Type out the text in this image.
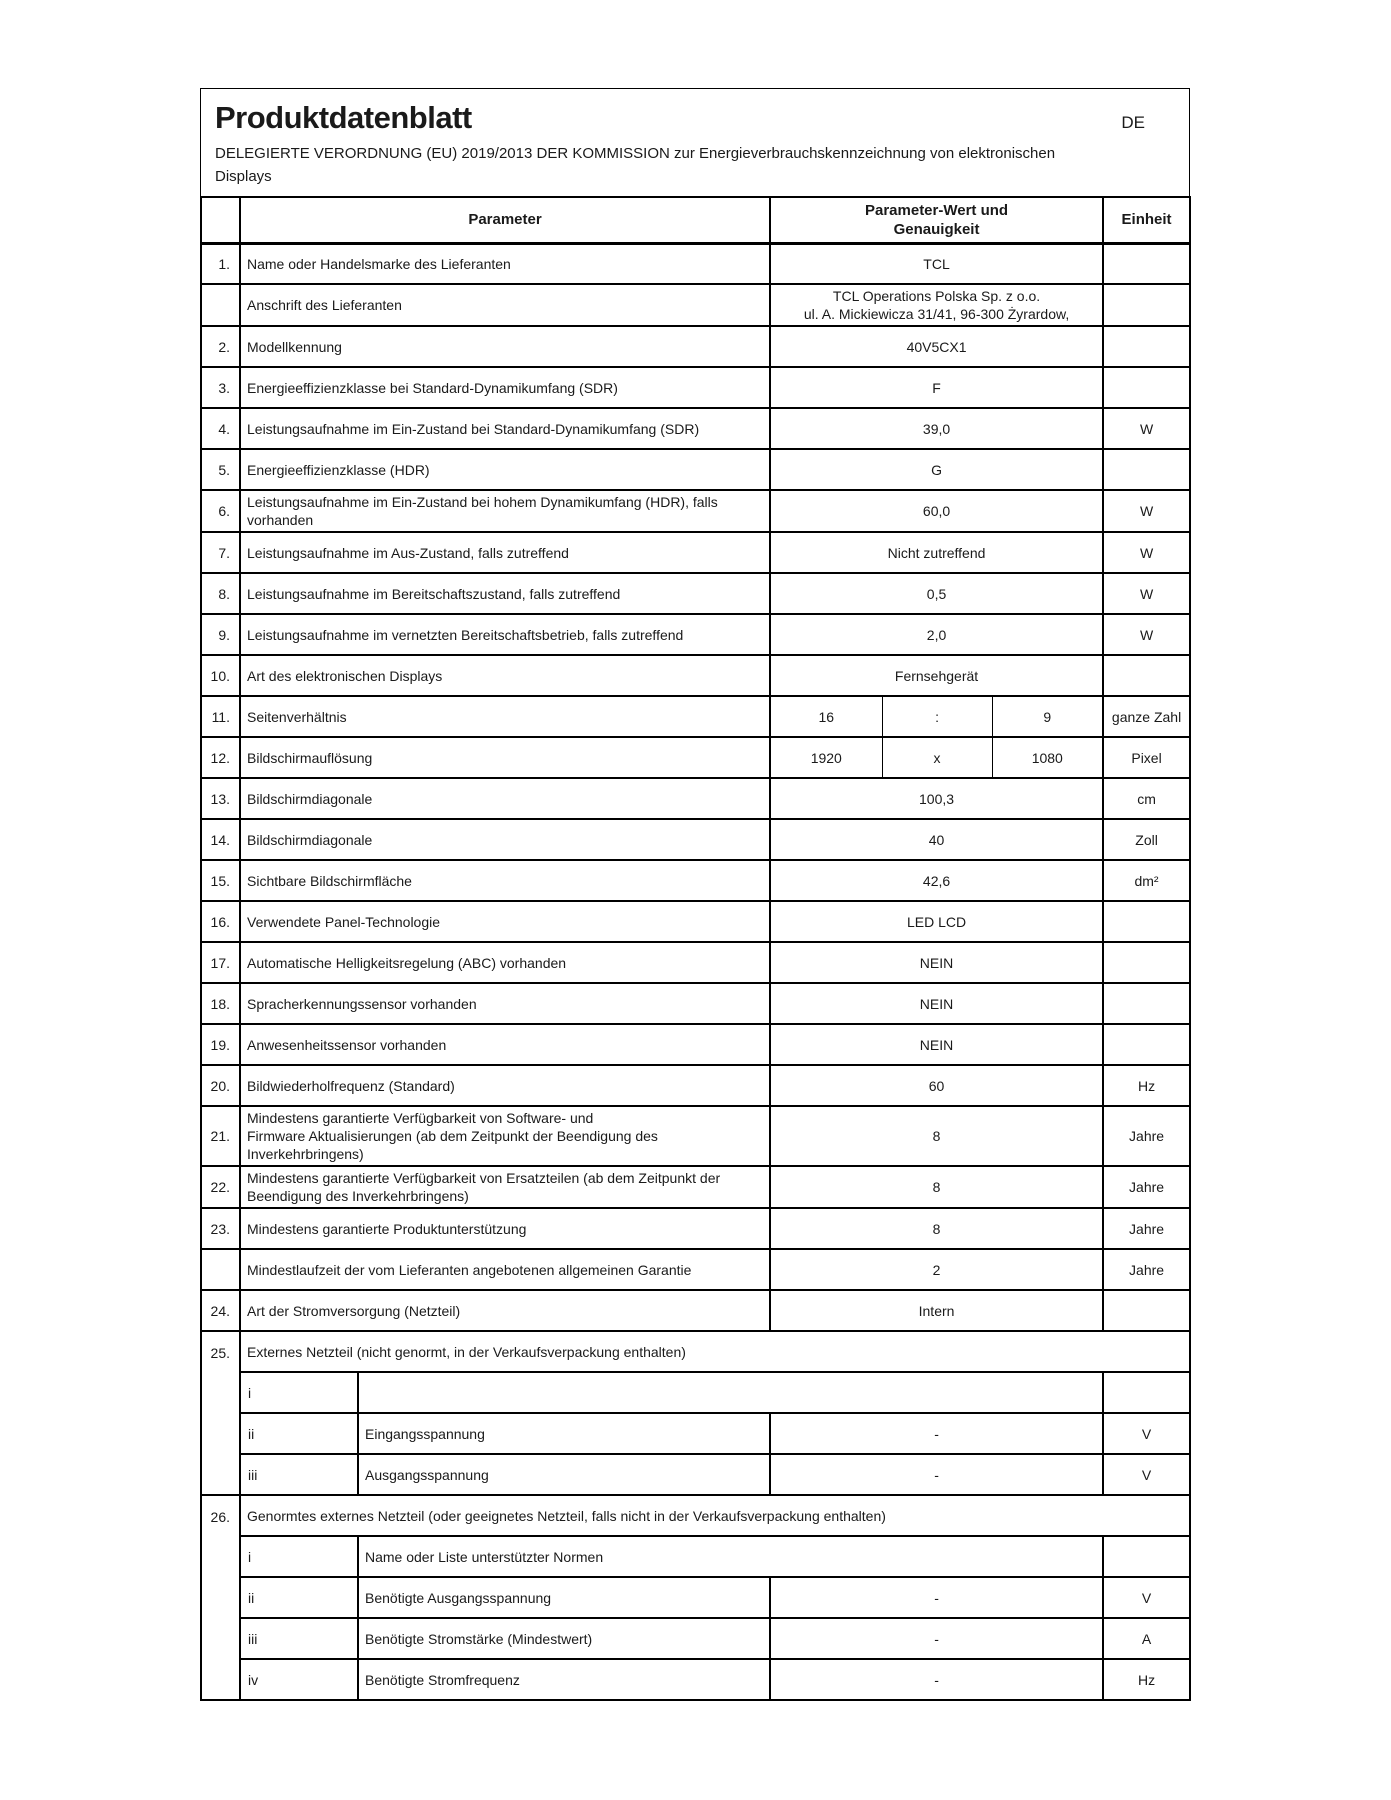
Produktdatenblatt	DE
DELEGIERTE VERORDNUNG (EU) 2019/2013 DER KOMMISSION zur Energieverbrauchskennzeichnung von elektronischen
Displays
	Parameter		Parameter-Wert und
Genauigkeit			Einheit
1.	Name oder Handelsmarke des Lieferanten		TCL			
	Anschrift des Lieferanten		TCL Operations Polska Sp. z o.o.
ul. A. Mickiewicza 31/41, 96-300 Żyrardow,			

2.	Modellkennung		40V5CX1			
3.	Energieeffizienzklasse bei Standard-Dynamikumfang (SDR)		F			
4.	Leistungsaufnahme im Ein-Zustand bei Standard-Dynamikumfang (SDR)		39,0			W
5.	Energieeffizienzklasse (HDR)		G			
6.	Leistungsaufnahme im Ein-Zustand bei hohem Dynamikumfang (HDR), falls
vorhanden		60,0			W
7.	Leistungsaufnahme im Aus-Zustand, falls zutreffend		Nicht zutreffend			W
8.	Leistungsaufnahme im Bereitschaftszustand, falls zutreffend		0,5			W
9.	Leistungsaufnahme im vernetzten Bereitschaftsbetrieb, falls zutreffend		2,0			W
10.	Art des elektronischen Displays		Fernsehgerät			
11.	Seitenverhältnis		16	:	9	ganze Zahl
12.	Bildschirmauflösung		1920	x	1080	Pixel
13.	Bildschirmdiagonale		100,3			cm
14.	Bildschirmdiagonale		40			Zoll
15.	Sichtbare Bildschirmfläche		42,6			dm²
16.	Verwendete Panel-Technologie		LED LCD			
17.	Automatische Helligkeitsregelung (ABC) vorhanden		NEIN			
18.	Spracherkennungssensor vorhanden		NEIN			
19.	Anwesenheitssensor vorhanden		NEIN			
20.	Bildwiederholfrequenz (Standard)		60			Hz
21.	Mindestens garantierte Verfügbarkeit von Software- und
Firmware Aktualisierungen (ab dem Zeitpunkt der Beendigung des
Inverkehrbringens)		8			Jahre
22.	Mindestens garantierte Verfügbarkeit von Ersatzteilen (ab dem Zeitpunkt der
Beendigung des Inverkehrbringens)		8			Jahre
23.	Mindestens garantierte Produktunterstützung		8			Jahre
	Mindestlaufzeit der vom Lieferanten angebotenen allgemeinen Garantie		2			Jahre
24.	Art der Stromversorgung (Netzteil)		Intern			
25.	Externes Netzteil (nicht genormt, in der Verkaufsverpackung enthalten)					
	i					
	ii	Eingangsspannung	-			V
	iii	Ausgangsspannung	-			V
26.	Genormtes externes Netzteil (oder geeignetes Netzteil, falls nicht in der Verkaufsverpackung enthalten)					
	i	Name oder Liste unterstützter Normen				
	ii	Benötigte Ausgangsspannung	-			V
	iii	Benötigte Stromstärke (Mindestwert)	-			A
	iv	Benötigte Stromfrequenz	-			Hz
